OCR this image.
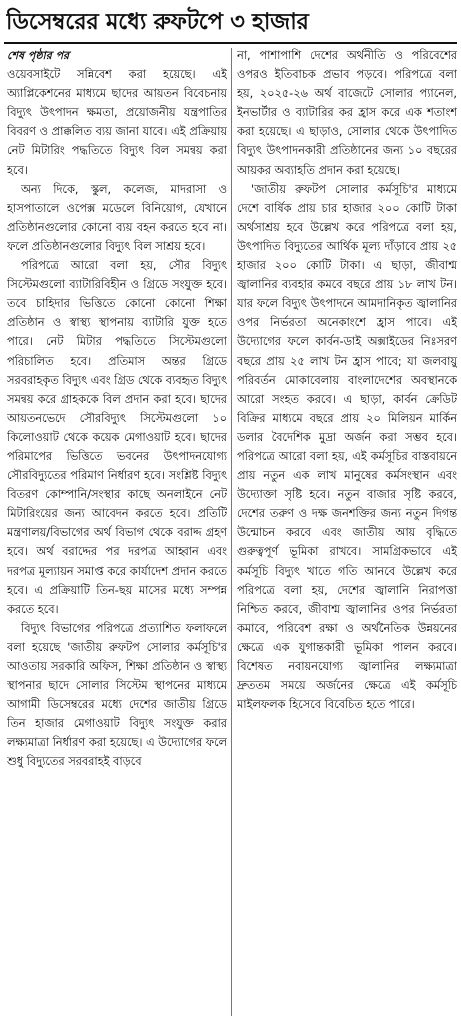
ডিসেম্বরের মধ্যে রুফটপে ৩ হাজার
শেষ পৃষ্ঠার পর

ওয়েবসাইটে সন্নিবেশ করা হয়েছে। এই অ্যাপ্লিকেশনের মাধ্যমে ছাদের আয়তন বিবেচনায় বিদ্যুৎ উৎপাদন ক্ষমতা, প্রয়োজনীয় যন্ত্রপাতির বিবরণ ও প্রাক্কলিত ব্যয় জানা যাবে। এই প্রক্রিয়ায় নেট মিটারিং পদ্ধতিতে বিদ্যুৎ বিল সমন্বয় করা হবে।

অন্য দিকে, স্কুল, কলেজ, মাদরাসা ও হাসপাতালে ওপেক্স মডেলে বিনিয়োগ, যেখানে প্রতিষ্ঠানগুলোর কোনো ব্যয় বহন করতে হবে না। ফলে প্রতিষ্ঠানগুলোর বিদ্যুৎ বিল সাশ্রয় হবে।

পরিপত্রে আরো বলা হয়, সৌর বিদ্যুৎ সিস্টেমগুলো ব্যাটারিবিহীন ও গ্রিডে সংযুক্ত হবে। তবে চাহিদার ভিত্তিতে কোনো কোনো শিক্ষা প্রতিষ্ঠান ও স্বাস্থ্য স্থাপনায় ব্যাটারি যুক্ত হতে পারে। নেট মিটার পদ্ধতিতে সিস্টেমগুলো পরিচালিত হবে। প্রতিমাস অন্তর গ্রিডে সরবরাহকৃত বিদ্যুৎ এবং গ্রিড থেকে ব্যবহৃত বিদ্যুৎ সমন্বয় করে গ্রাহককে বিল প্রদান করা হবে। ছাদের আয়তনভেদে সৌরবিদ্যুৎ সিস্টেমগুলো ১০ কিলোওয়াট থেকে কয়েক মেগাওয়াট হবে। ছাদের পরিমাপের ভিত্তিতে ভবনের উৎপাদনযোগ্য সৌরবিদ্যুতের পরিমাণ নির্ধারণ হবে। সংশ্লিষ্ট বিদ্যুৎ বিতরণ কোম্পানি/সংস্থার কাছে অনলাইনে নেট মিটারিংয়ের জন্য আবেদন করতে হবে। প্রতিটি মন্ত্রণালয়/বিভাগের অর্থ বিভাগ থেকে বরাদ্দ গ্রহণ হবে। অর্থ বরাদ্দের পর দরপত্র আহ্বান এবং দরপত্র মূল্যায়ন সমাপ্ত করে কার্যাদেশ প্রদান করতে হবে। এ প্রক্রিয়াটি তিন-ছয় মাসের মধ্যে সম্পন্ন করতে হবে।

বিদ্যুৎ বিভাগের পরিপত্রে প্রত্যাশিত ফলাফলে বলা হয়েছে 'জাতীয় রুফটপ সোলার কর্মসূচি'র আওতায় সরকারি অফিস, শিক্ষা প্রতিষ্ঠান ও স্বাস্থ্য স্থাপনার ছাদে সোলার সিস্টেম স্থাপনের মাধ্যমে আগামী ডিসেম্বরের মধ্যে দেশের জাতীয় গ্রিডে তিন হাজার মেগাওয়াট বিদ্যুৎ সংযুক্ত করার লক্ষ্যমাত্রা নির্ধারণ করা হয়েছে। এ উদ্যোগের ফলে শুধু বিদ্যুতের সরবরাহই বাড়বে

না, পাশাপাশি দেশের অর্থনীতি ও পরিবেশের ওপরও ইতিবাচক প্রভাব পড়বে। পরিপত্রে বলা হয়, ২০২৫-২৬ অর্থ বাজেটে সোলার প্যানেল, ইনভার্টার ও ব্যাটারির কর হ্রাস করে এক শতাংশ করা হয়েছে। এ ছাড়াও, সোলার থেকে উৎপাদিত বিদ্যুৎ উৎপাদনকারী প্রতিষ্ঠানের জন্য ১০ বছরের আয়কর অব্যাহতি প্রদান করা হয়েছে।

'জাতীয় রুফটপ সোলার কর্মসূচি'র মাধ্যমে দেশে বার্ষিক প্রায় চার হাজার ২০০ কোটি টাকা অর্থসাশ্রয় হবে উল্লেখ করে পরিপত্রে বলা হয়, উৎপাদিত বিদ্যুতের আর্থিক মূল্য দাঁড়াবে প্রায় ২৫ হাজার ২০০ কোটি টাকা। এ ছাড়া, জীবাশ্ম জ্বালানির ব্যবহার কমবে বছরে প্রায় ১৮ লাখ টন। যার ফলে বিদ্যুৎ উৎপাদনে আমদানিকৃত জ্বালানির ওপর নির্ভরতা অনেকাংশে হ্রাস পাবে। এই উদ্যোগের ফলে কার্বন-ডাই অক্সাইডের নিঃসরণ বছরে প্রায় ২৫ লাখ টন হ্রাস পাবে; যা জলবায়ু পরিবর্তন মোকাবেলায় বাংলাদেশের অবস্থানকে আরো সংহত করবে। এ ছাড়া, কার্বন ক্রেডিট বিক্রির মাধ্যমে বছরে প্রায় ২০ মিলিয়ন মার্কিন ডলার বৈদেশিক মুদ্রা অর্জন করা সম্ভব হবে। পরিপত্রে আরো বলা হয়, এই কর্মসূচির বাস্তবায়নে প্রায় নতুন এক লাখ মানুষের কর্মসংস্থান এবং উদ্যোক্তা সৃষ্টি হবে। নতুন বাজার সৃষ্টি করবে, দেশের তরুণ ও দক্ষ জনশক্তির জন্য নতুন দিগন্ত উন্মোচন করবে এবং জাতীয় আয় বৃদ্ধিতে গুরুত্বপূর্ণ ভূমিকা রাখবে। সামগ্রিকভাবে এই কর্মসূচি বিদ্যুৎ খাতে গতি আনবে উল্লেখ করে পরিপত্রে বলা হয়, দেশের জ্বালানি নিরাপত্তা নিশ্চিত করবে, জীবাশ্ম জ্বালানির ওপর নির্ভরতা কমাবে, পরিবেশ রক্ষা ও অর্থনৈতিক উন্নয়নের ক্ষেত্রে এক যুগান্তকারী ভূমিকা পালন করবে। বিশেষত নবায়নযোগ্য জ্বালানির লক্ষ্যমাত্রা দ্রুততম সময়ে অর্জনের ক্ষেত্রে এই কর্মসূচি মাইলফলক হিসেবে বিবেচিত হতে পারে।
